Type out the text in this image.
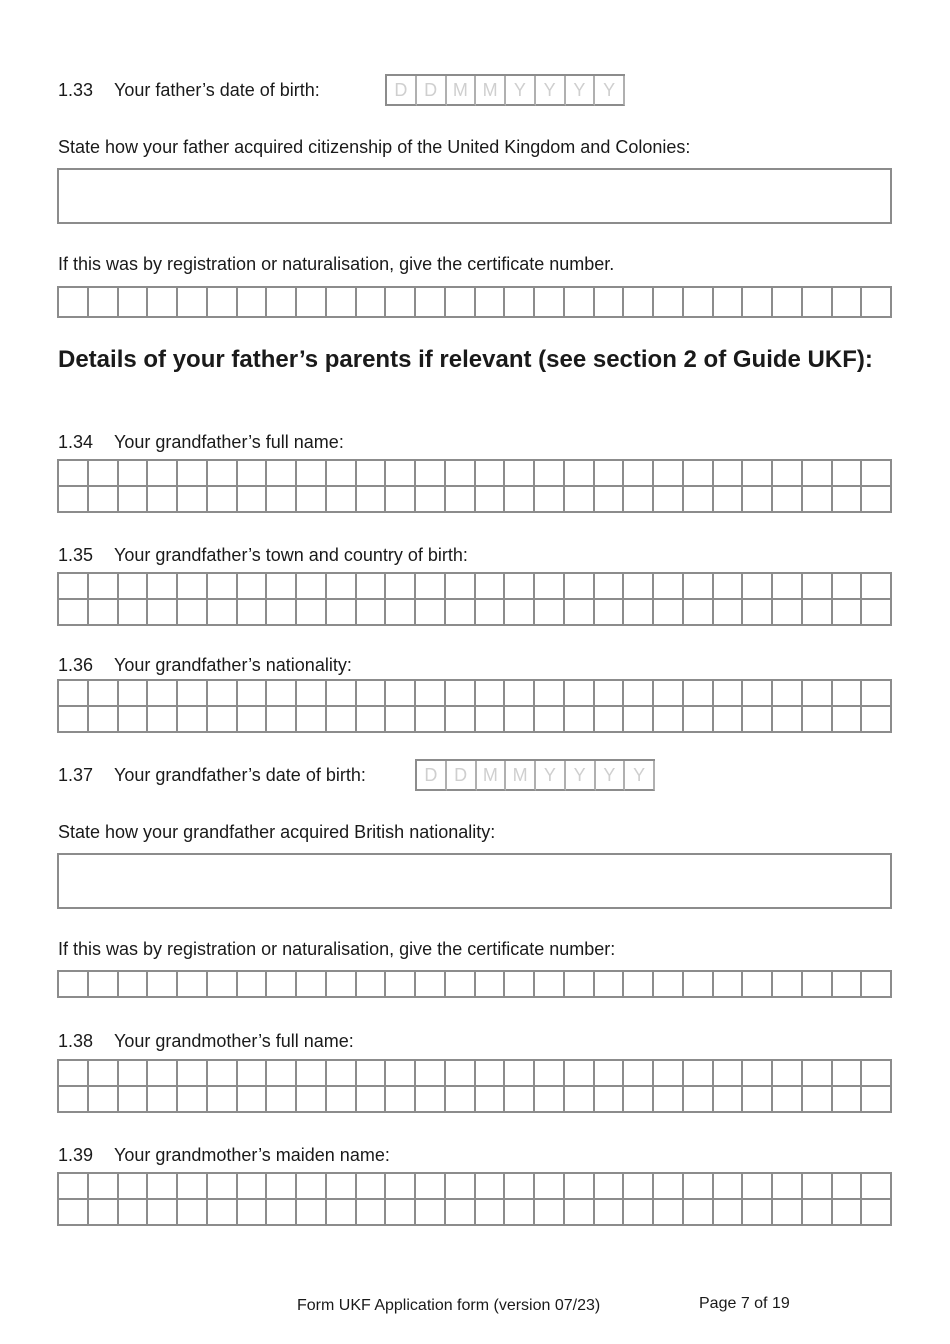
1.33 Your father’s date of birth:	D D M M Y Y Y Y
State how your father acquired citizenship of the United Kingdom and Colonies:
If this was by registration or naturalisation, give the certificate number.
Details of your father’s parents if relevant (see section 2 of Guide UKF):
1.34 Your grandfather’s full name:
1.35 Your grandfather’s town and country of birth:
1.36 Your grandfather’s nationality:
1.37 Your grandfather’s date of birth:	D D M M Y Y Y Y
State how your grandfather acquired British nationality:
If this was by registration or naturalisation, give the certificate number:
1.38 Your grandmother’s full name:
1.39 Your grandmother’s maiden name:
Form UKF Application form (version 07/23)	Page 7 of 19
